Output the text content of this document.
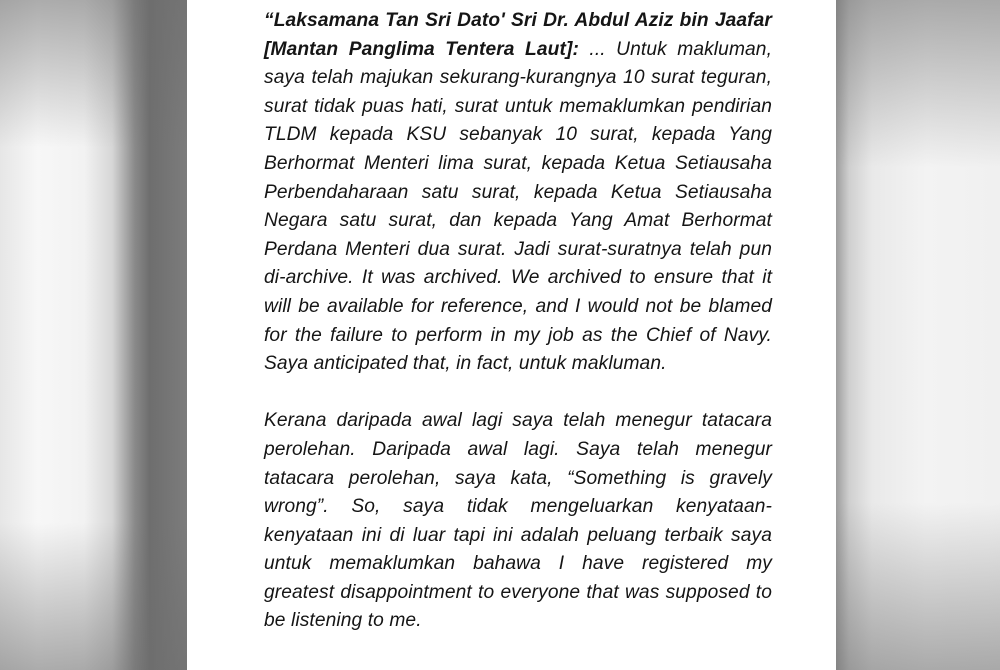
“Laksamana Tan Sri Dato' Sri Dr. Abdul Aziz bin Jaafar [Mantan Panglima Tentera Laut]: ... Untuk makluman, saya telah majukan sekurang-kurangnya 10 surat teguran, surat tidak puas hati, surat untuk memaklumkan pendirian TLDM kepada KSU sebanyak 10 surat, kepada Yang Berhormat Menteri lima surat, kepada Ketua Setiausaha Perbendaharaan satu surat, kepada Ketua Setiausaha Negara satu surat, dan kepada Yang Amat Berhormat Perdana Menteri dua surat. Jadi surat-suratnya telah pun di-archive. It was archived. We archived to ensure that it will be available for reference, and I would not be blamed for the failure to perform in my job as the Chief of Navy. Saya anticipated that, in fact, untuk makluman.

Kerana daripada awal lagi saya telah menegur tatacara perolehan. Daripada awal lagi. Saya telah menegur tatacara perolehan, saya kata, “Something is gravely wrong”. So, saya tidak mengeluarkan kenyataan-kenyataan ini di luar tapi ini adalah peluang terbaik saya untuk memaklumkan bahawa I have registered my greatest disappointment to everyone that was supposed to be listening to me.
